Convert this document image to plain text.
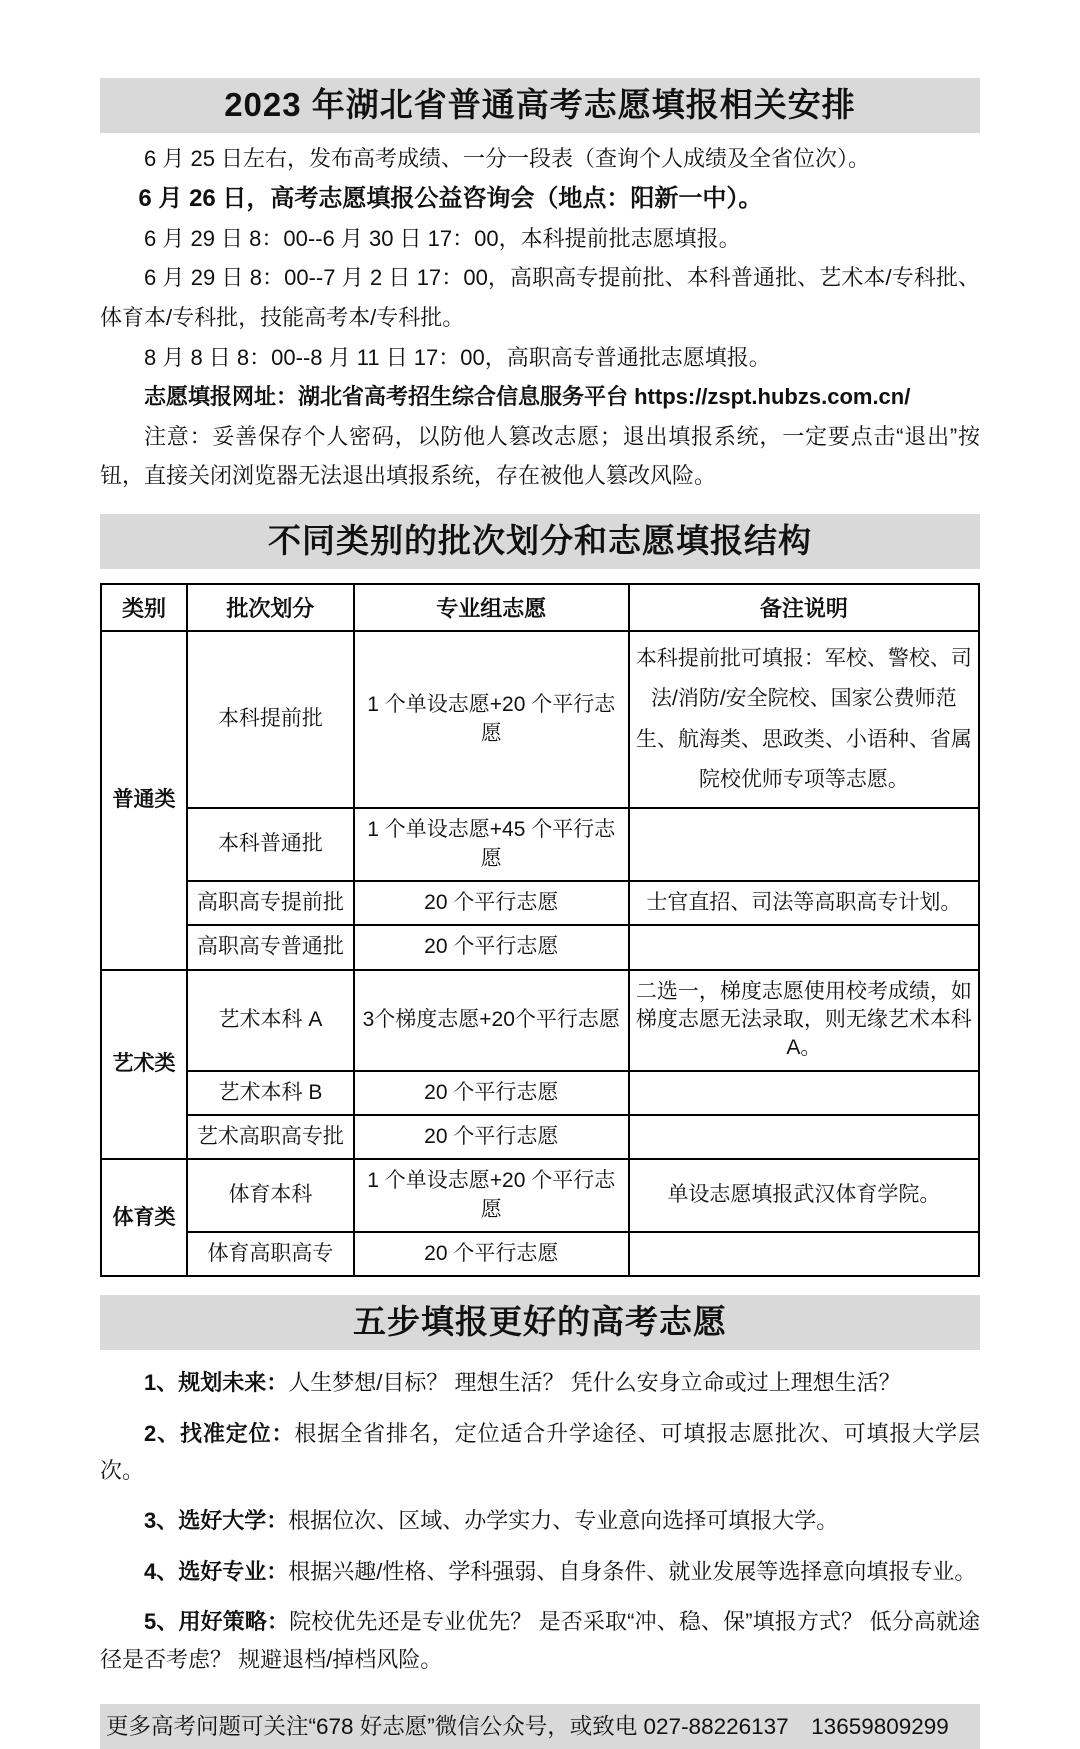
2023 年湖北省普通高考志愿填报相关安排

6 月 25 日左右，发布高考成绩、一分一段表（查询个人成绩及全省位次）。

6 月 26 日，高考志愿填报公益咨询会（地点：阳新一中）。

6 月 29 日 8：00--6 月 30 日 17：00，本科提前批志愿填报。

6 月 29 日 8：00--7 月 2 日 17：00，高职高专提前批、本科普通批、艺术本/专科批、体育本/专科批，技能高考本/专科批。

8 月 8 日 8：00--8 月 11 日 17：00，高职高专普通批志愿填报。

志愿填报网址：湖北省高考招生综合信息服务平台 https://zspt.hubzs.com.cn/

注意：妥善保存个人密码，以防他人篡改志愿；退出填报系统，一定要点击“退出”按钮，直接关闭浏览器无法退出填报系统，存在被他人篡改风险。

不同类别的批次划分和志愿填报结构
类别	批次划分	专业组志愿	备注说明
普通类	本科提前批	1 个单设志愿+20 个平行志愿	本科提前批可填报：军校、警校、司法/消防/安全院校、国家公费师范生、航海类、思政类、小语种、省属院校优师专项等志愿。
	本科普通批	1 个单设志愿+45 个平行志愿	
	高职高专提前批	20 个平行志愿	士官直招、司法等高职高专计划。
	高职高专普通批	20 个平行志愿	
艺术类	艺术本科 A	3个梯度志愿+20个平行志愿	二选一，梯度志愿使用校考成绩，如梯度志愿无法录取，则无缘艺术本科 A。
	艺术本科 B	20 个平行志愿	
	艺术高职高专批	20 个平行志愿	
体育类	体育本科	1 个单设志愿+20 个平行志愿	单设志愿填报武汉体育学院。
	体育高职高专	20 个平行志愿	
五步填报更好的高考志愿

1、规划未来：人生梦想/目标？ 理想生活？ 凭什么安身立命或过上理想生活？

2、找准定位：根据全省排名，定位适合升学途径、可填报志愿批次、可填报大学层次。

3、选好大学：根据位次、区域、办学实力、专业意向选择可填报大学。

4、选好专业：根据兴趣/性格、学科强弱、自身条件、就业发展等选择意向填报专业。

5、用好策略：院校优先还是专业优先？ 是否采取“冲、稳、保”填报方式？ 低分高就途径是否考虑？ 规避退档/掉档风险。

更多高考问题可关注“678 好志愿”微信公众号，或致电 027-88226137　13659809299
